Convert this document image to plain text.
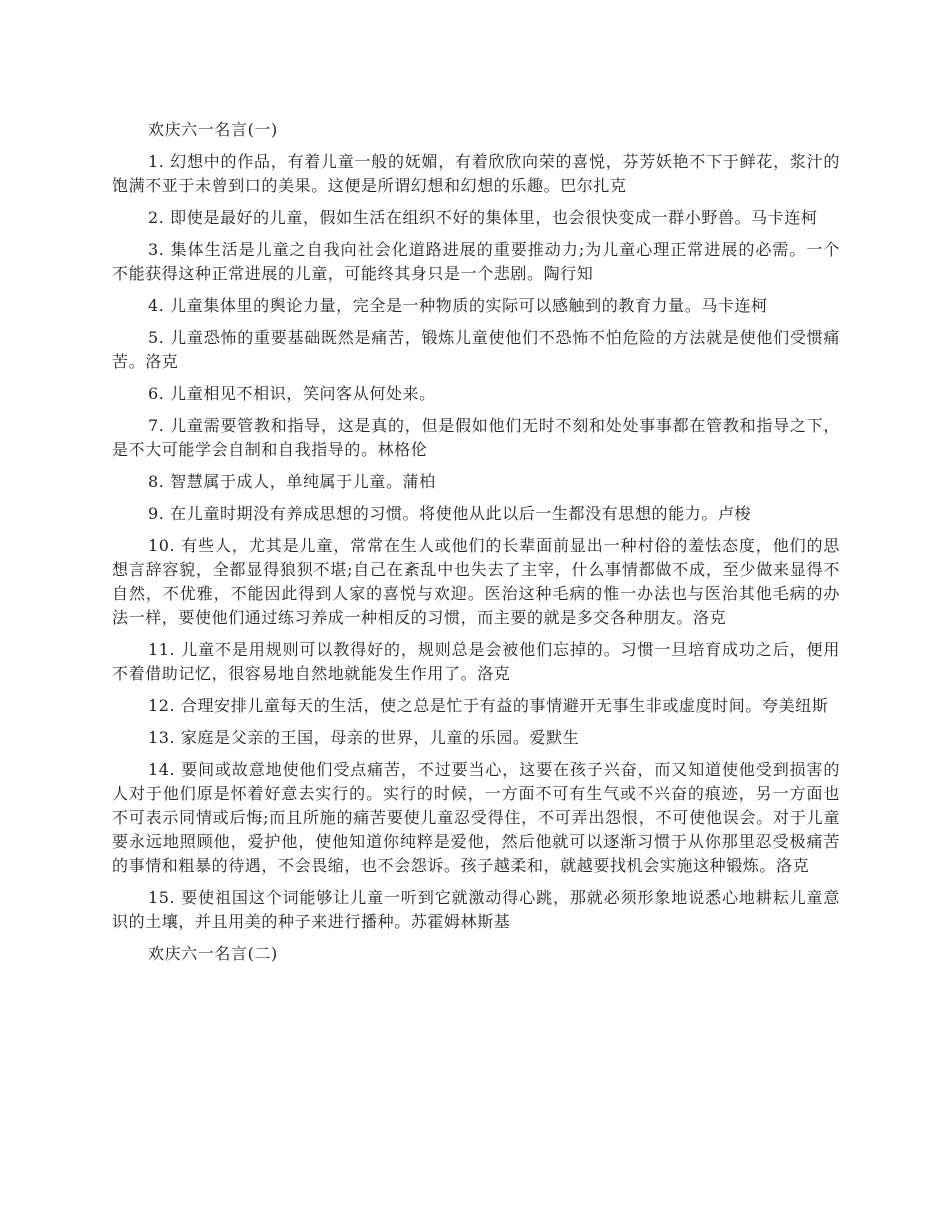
欢庆六一名言(一)

1. 幻想中的作品，有着儿童一般的妩媚，有着欣欣向荣的喜悦，芬芳妖艳不下于鲜花，浆汁的饱满不亚于未曾到口的美果。这便是所谓幻想和幻想的乐趣。巴尔扎克

2. 即使是最好的儿童，假如生活在组织不好的集体里，也会很快变成一群小野兽。马卡连柯

3. 集体生活是儿童之自我向社会化道路进展的重要推动力;为儿童心理正常进展的必需。一个不能获得这种正常进展的儿童，可能终其身只是一个悲剧。陶行知

4. 儿童集体里的舆论力量，完全是一种物质的实际可以感触到的教育力量。马卡连柯

5. 儿童恐怖的重要基础既然是痛苦，锻炼儿童使他们不恐怖不怕危险的方法就是使他们受惯痛苦。洛克

6. 儿童相见不相识，笑问客从何处来。

7. 儿童需要管教和指导，这是真的，但是假如他们无时不刻和处处事事都在管教和指导之下，是不大可能学会自制和自我指导的。林格伦

8. 智慧属于成人，单纯属于儿童。蒲柏

9. 在儿童时期没有养成思想的习惯。将使他从此以后一生都没有思想的能力。卢梭

10. 有些人，尤其是儿童，常常在生人或他们的长辈面前显出一种村俗的羞怯态度，他们的思想言辞容貌，全都显得狼狈不堪;自己在紊乱中也失去了主宰，什么事情都做不成，至少做来显得不自然，不优雅，不能因此得到人家的喜悦与欢迎。医治这种毛病的惟一办法也与医治其他毛病的办法一样，要使他们通过练习养成一种相反的习惯，而主要的就是多交各种朋友。洛克

11. 儿童不是用规则可以教得好的，规则总是会被他们忘掉的。习惯一旦培育成功之后，便用不着借助记忆，很容易地自然地就能发生作用了。洛克

12. 合理安排儿童每天的生活，使之总是忙于有益的事情避开无事生非或虚度时间。夸美纽斯

13. 家庭是父亲的王国，母亲的世界，儿童的乐园。爱默生

14. 要间或故意地使他们受点痛苦，不过要当心，这要在孩子兴奋，而又知道使他受到损害的人对于他们原是怀着好意去实行的。实行的时候，一方面不可有生气或不兴奋的痕迹，另一方面也不可表示同情或后悔;而且所施的痛苦要使儿童忍受得住，不可弄出怨恨，不可使他误会。对于儿童要永远地照顾他，爱护他，使他知道你纯粹是爱他，然后他就可以逐渐习惯于从你那里忍受极痛苦的事情和粗暴的待遇，不会畏缩，也不会怨诉。孩子越柔和，就越要找机会实施这种锻炼。洛克

15. 要使祖国这个词能够让儿童一听到它就激动得心跳，那就必须形象地说悉心地耕耘儿童意识的土壤，并且用美的种子来进行播种。苏霍姆林斯基

欢庆六一名言(二)
